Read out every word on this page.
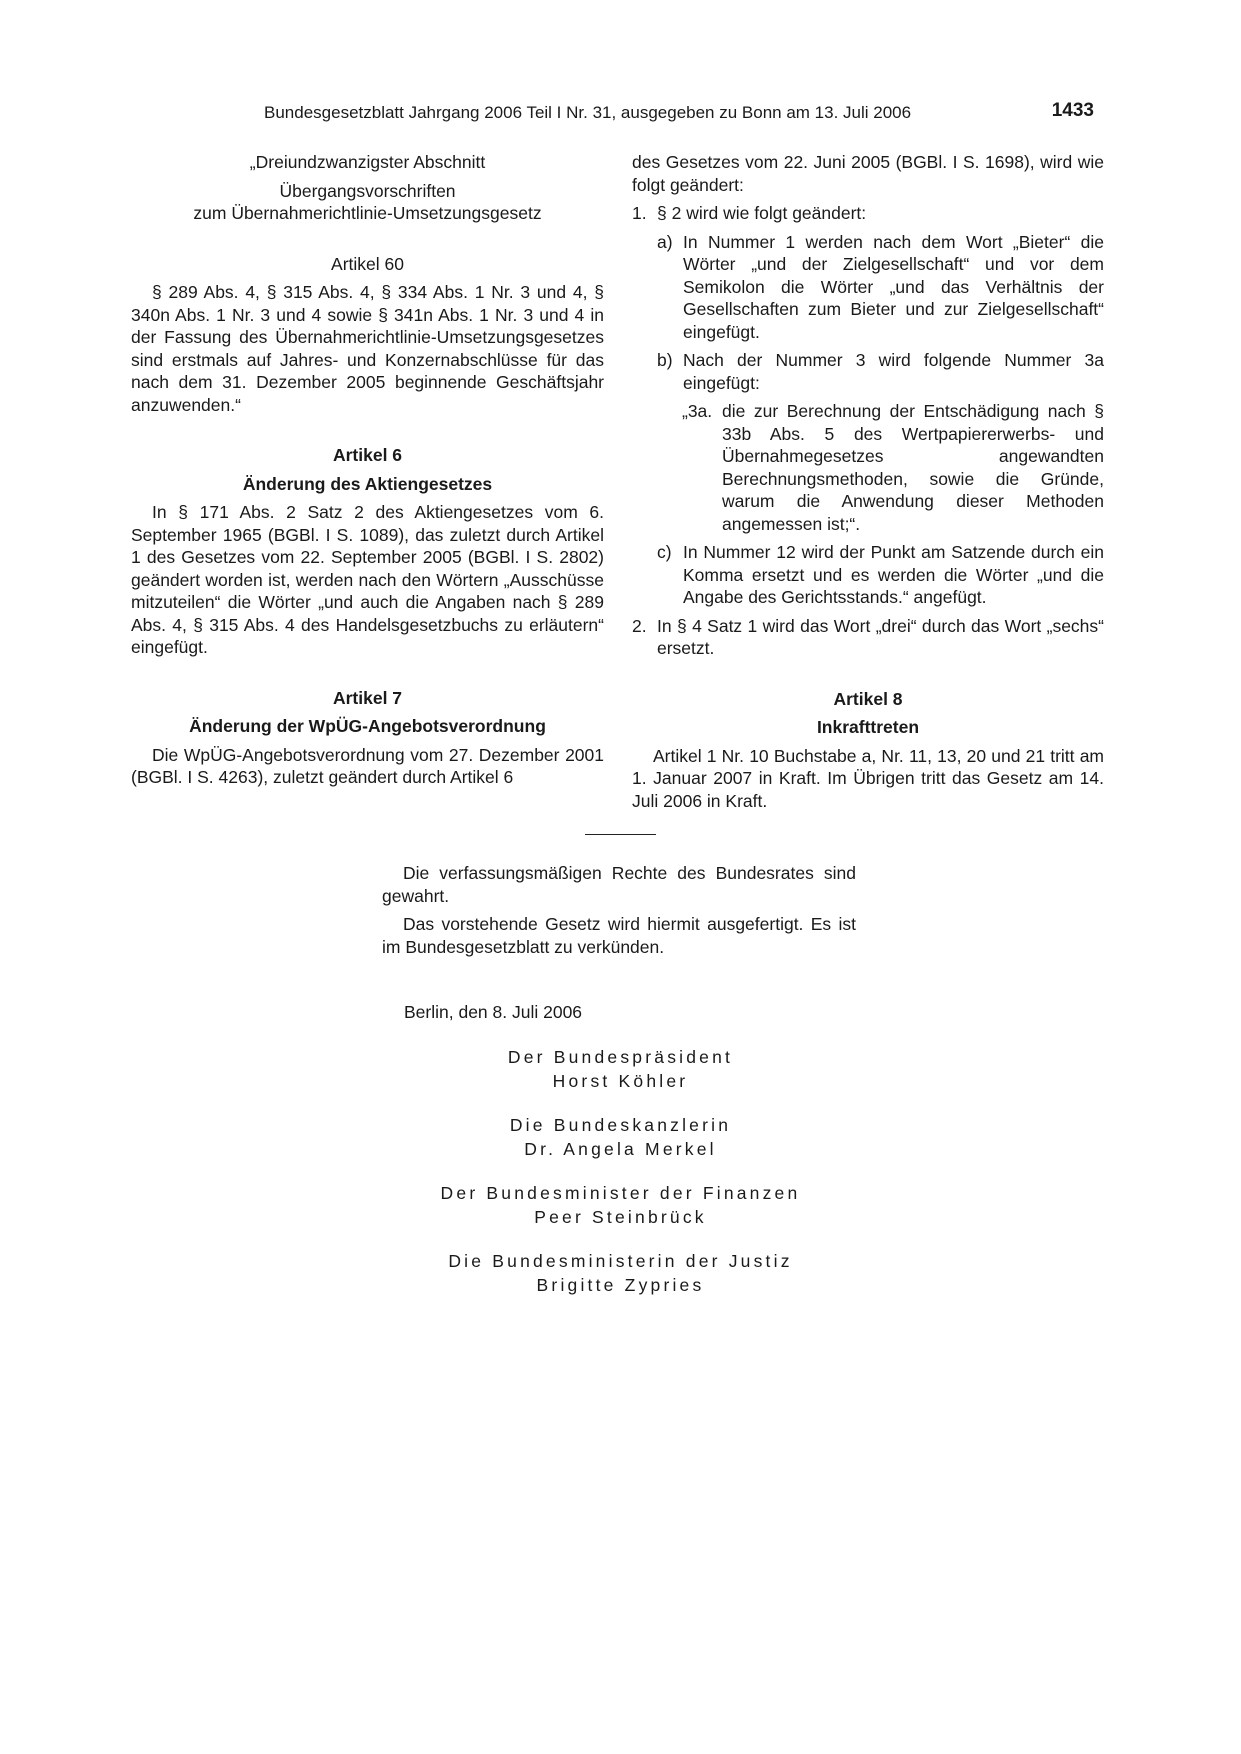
Bundesgesetzblatt Jahrgang 2006 Teil I Nr. 31, ausgegeben zu Bonn am 13. Juli 2006	1433

„Dreiundzwanzigster Abschnitt

Übergangsvorschriften

zum Übernahmerichtlinie-Umsetzungsgesetz

Artikel 60

§ 289 Abs. 4, § 315 Abs. 4, § 334 Abs. 1 Nr. 3 und 4, § 340n Abs. 1 Nr. 3 und 4 sowie § 341n Abs. 1 Nr. 3 und 4 in der Fassung des Übernahmerichtlinie-Umsetzungsgesetzes sind erstmals auf Jahres- und Konzernabschlüsse für das nach dem 31. Dezember 2005 beginnende Geschäftsjahr anzuwenden.“

Artikel 6

Änderung des Aktiengesetzes

In § 171 Abs. 2 Satz 2 des Aktiengesetzes vom 6. September 1965 (BGBl. I S. 1089), das zuletzt durch Artikel 1 des Gesetzes vom 22. September 2005 (BGBl. I S. 2802) geändert worden ist, werden nach den Wörtern „Ausschüsse mitzuteilen“ die Wörter „und auch die Angaben nach § 289 Abs. 4, § 315 Abs. 4 des Handelsgesetzbuchs zu erläutern“ eingefügt.

Artikel 7

Änderung der WpÜG-Angebotsverordnung

Die WpÜG-Angebotsverordnung vom 27. Dezember 2001 (BGBl. I S. 4263), zuletzt geändert durch Artikel 6

des Gesetzes vom 22. Juni 2005 (BGBl. I S. 1698), wird wie folgt geändert:

1. § 2 wird wie folgt geändert:

a) In Nummer 1 werden nach dem Wort „Bieter“ die Wörter „und der Zielgesellschaft“ und vor dem Semikolon die Wörter „und das Verhältnis der Gesellschaften zum Bieter und zur Zielgesellschaft“ eingefügt.

b) Nach der Nummer 3 wird folgende Nummer 3a eingefügt:

„3a. die zur Berechnung der Entschädigung nach § 33b Abs. 5 des Wertpapiererwerbs- und Übernahmegesetzes angewandten Berechnungsmethoden, sowie die Gründe, warum die Anwendung dieser Methoden angemessen ist;“.

c) In Nummer 12 wird der Punkt am Satzende durch ein Komma ersetzt und es werden die Wörter „und die Angabe des Gerichtsstands.“ angefügt.

2. In § 4 Satz 1 wird das Wort „drei“ durch das Wort „sechs“ ersetzt.

Artikel 8

Inkrafttreten

Artikel 1 Nr. 10 Buchstabe a, Nr. 11, 13, 20 und 21 tritt am 1. Januar 2007 in Kraft. Im Übrigen tritt das Gesetz am 14. Juli 2006 in Kraft.

Die verfassungsmäßigen Rechte des Bundesrates sind gewahrt.

Das vorstehende Gesetz wird hiermit ausgefertigt. Es ist im Bundesgesetzblatt zu verkünden.

Berlin, den 8. Juli 2006

Der Bundespräsident
Horst Köhler
Die Bundeskanzlerin
Dr. Angela Merkel
Der Bundesminister der Finanzen
Peer Steinbrück
Die Bundesministerin der Justiz
Brigitte Zypries
